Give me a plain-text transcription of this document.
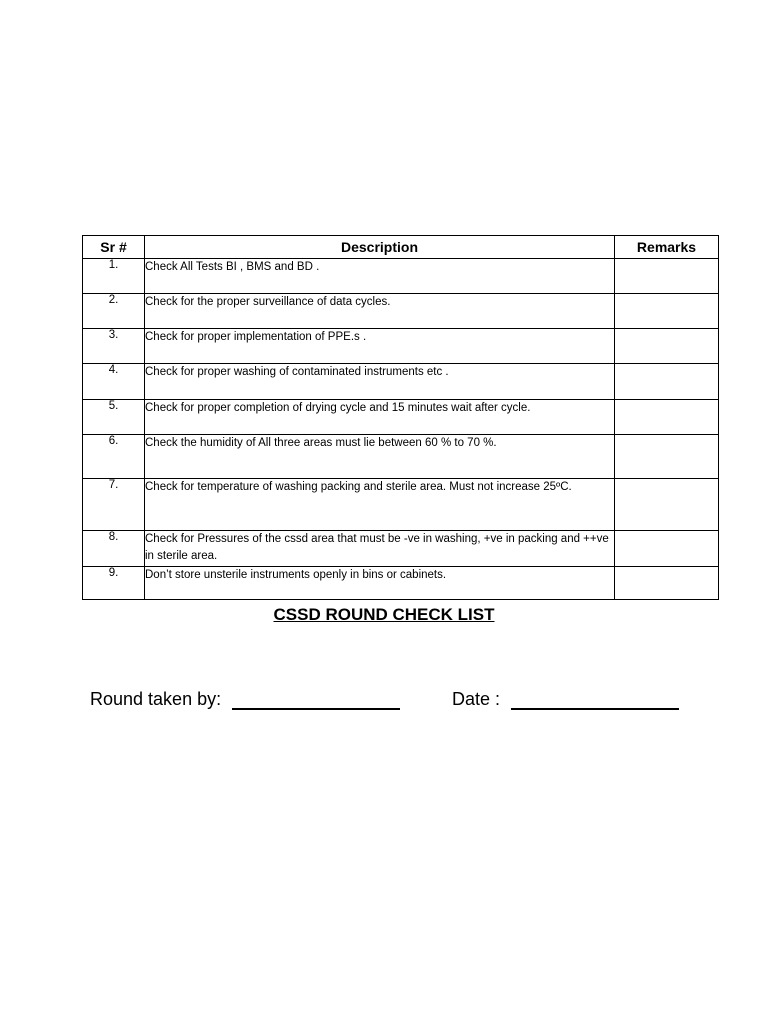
Sr #	Description	Remarks
1.	Check All Tests BI , BMS and BD .	
2.	Check for the proper surveillance of data cycles.	
3.	Check for proper implementation of PPE.s .	
4.	Check for proper washing of contaminated instruments etc .	
5.	Check for proper completion of drying cycle and 15 minutes wait after cycle.	
6.	Check the humidity of All three areas must lie between 60 % to 70 %.	
7.	Check for temperature of washing packing and sterile area. Must not increase 25ºC.	
8.	Check for Pressures of the cssd area that must be -ve in washing, +ve in packing and ++ve in sterile area.	
9.	Don’t store unsterile instruments openly in bins or cabinets.	
CSSD ROUND CHECK LIST
Round taken by:	Date :
